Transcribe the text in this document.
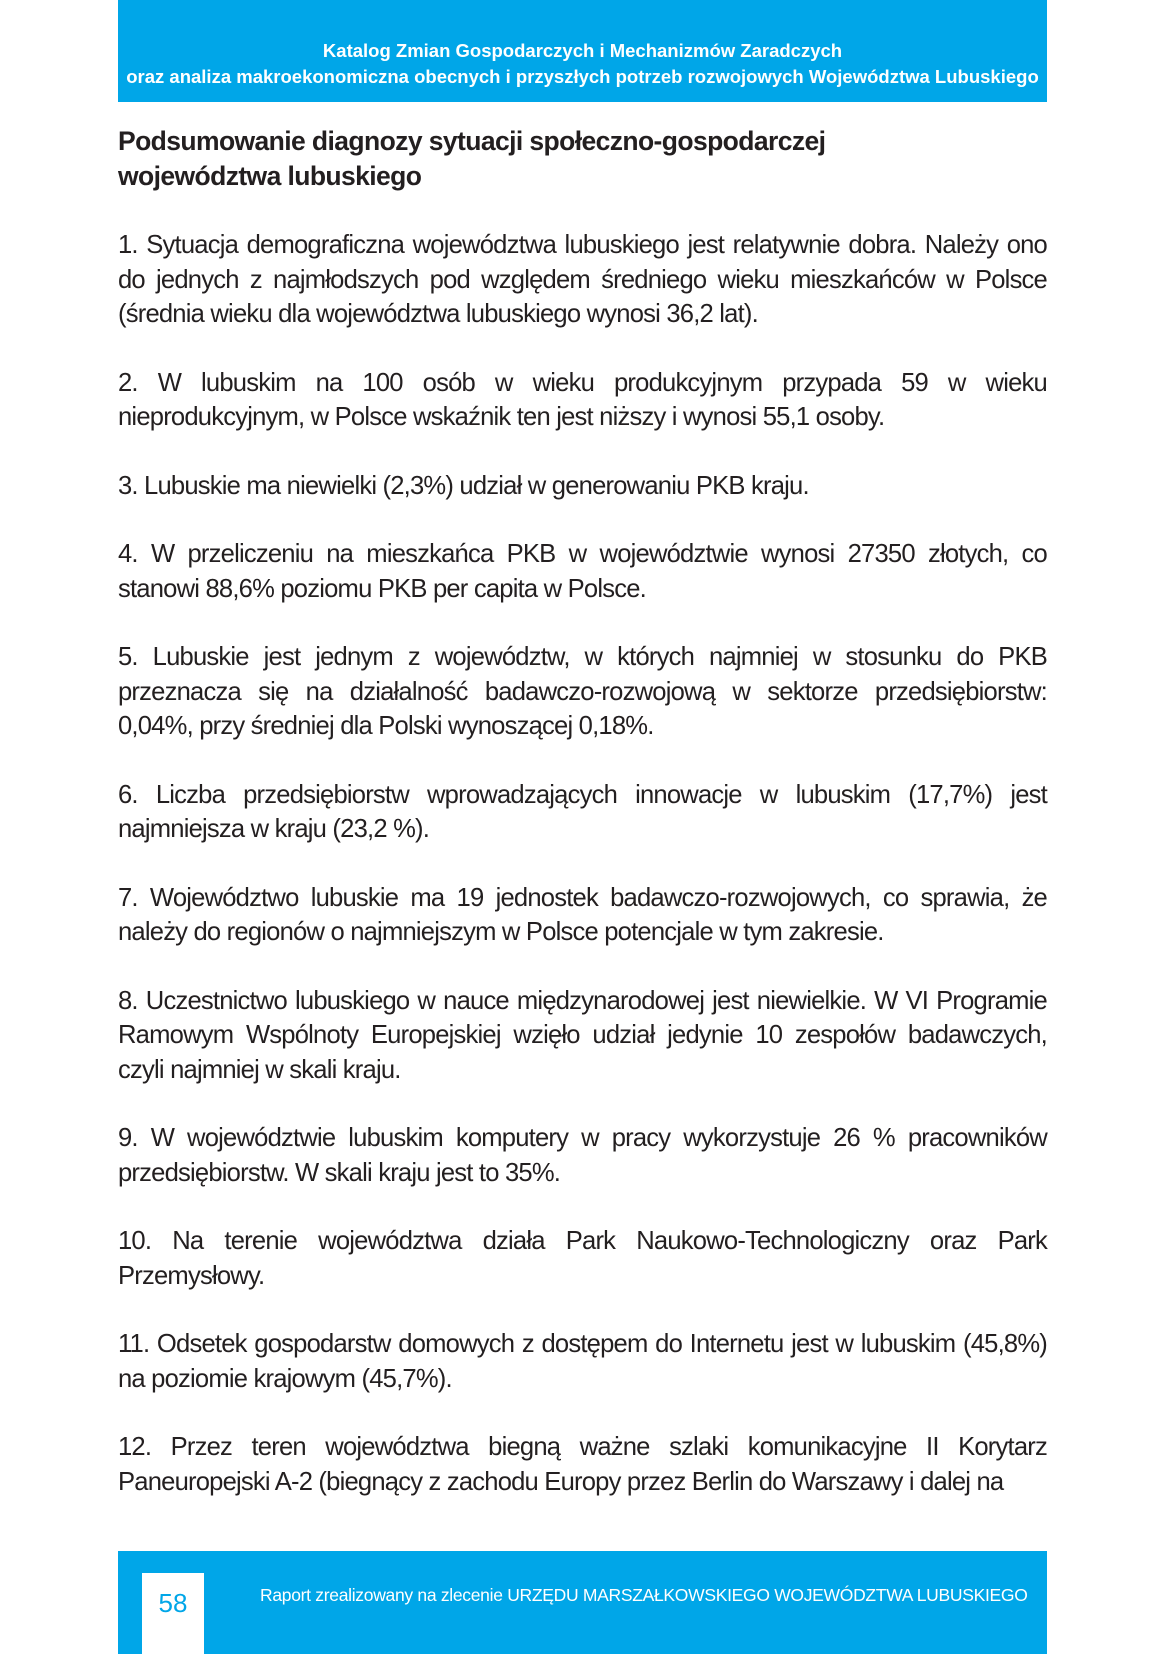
Katalog Zmian Gospodarczych i Mechanizmów Zaradczych
oraz analiza makroekonomiczna obecnych i przyszłych potrzeb rozwojowych Województwa Lubuskiego
Podsumowanie diagnozy sytuacji społeczno-gospodarczej
województwa lubuskiego

1. Sytuacja demograficzna województwa lubuskiego jest relatywnie dobra. Należy ono do jednych z najmłodszych pod względem średniego wieku mieszkańców w Polsce (średnia wieku dla województwa lubuskiego wynosi 36,2 lat).

2. W lubuskim na 100 osób w wieku produkcyjnym przypada 59 w wieku nieprodukcyjnym, w Polsce wskaźnik ten jest niższy i wynosi 55,1 osoby.

3. Lubuskie ma niewielki (2,3%) udział w generowaniu PKB kraju.

4. W przeliczeniu na mieszkańca PKB w województwie wynosi 27350 złotych, co stanowi 88,6% poziomu PKB per capita w Polsce.

5. Lubuskie jest jednym z województw, w których najmniej w stosunku do PKB przeznacza się na działalność badawczo-rozwojową w sektorze przedsiębiorstw: 0,04%, przy średniej dla Polski wynoszącej 0,18%.

6. Liczba przedsiębiorstw wprowadzających innowacje w lubuskim (17,7%) jest najmniejsza w kraju (23,2 %).

7. Województwo lubuskie ma 19 jednostek badawczo-rozwojowych, co sprawia, że należy do regionów o najmniejszym w Polsce potencjale w tym zakresie.

8. Uczestnictwo lubuskiego w nauce międzynarodowej jest niewielkie. W VI Programie Ramowym Wspólnoty Europejskiej wzięło udział jedynie 10 zespołów badawczych, czyli najmniej w skali kraju.

9. W województwie lubuskim komputery w pracy wykorzystuje 26 % pracowników przedsiębiorstw. W skali kraju jest to 35%.

10. Na terenie województwa działa Park Naukowo-Technologiczny oraz Park Przemysłowy.

11. Odsetek gospodarstw domowych z dostępem do Internetu jest w lubuskim (45,8%) na poziomie krajowym (45,7%).

12. Przez teren województwa biegną ważne szlaki komunikacyjne II Korytarz Paneuropejski A-2 (biegnący z zachodu Europy przez Berlin do Warszawy i dalej na

58	Raport zrealizowany na zlecenie URZĘDU MARSZAŁKOWSKIEGO WOJEWÓDZTWA LUBUSKIEGO
